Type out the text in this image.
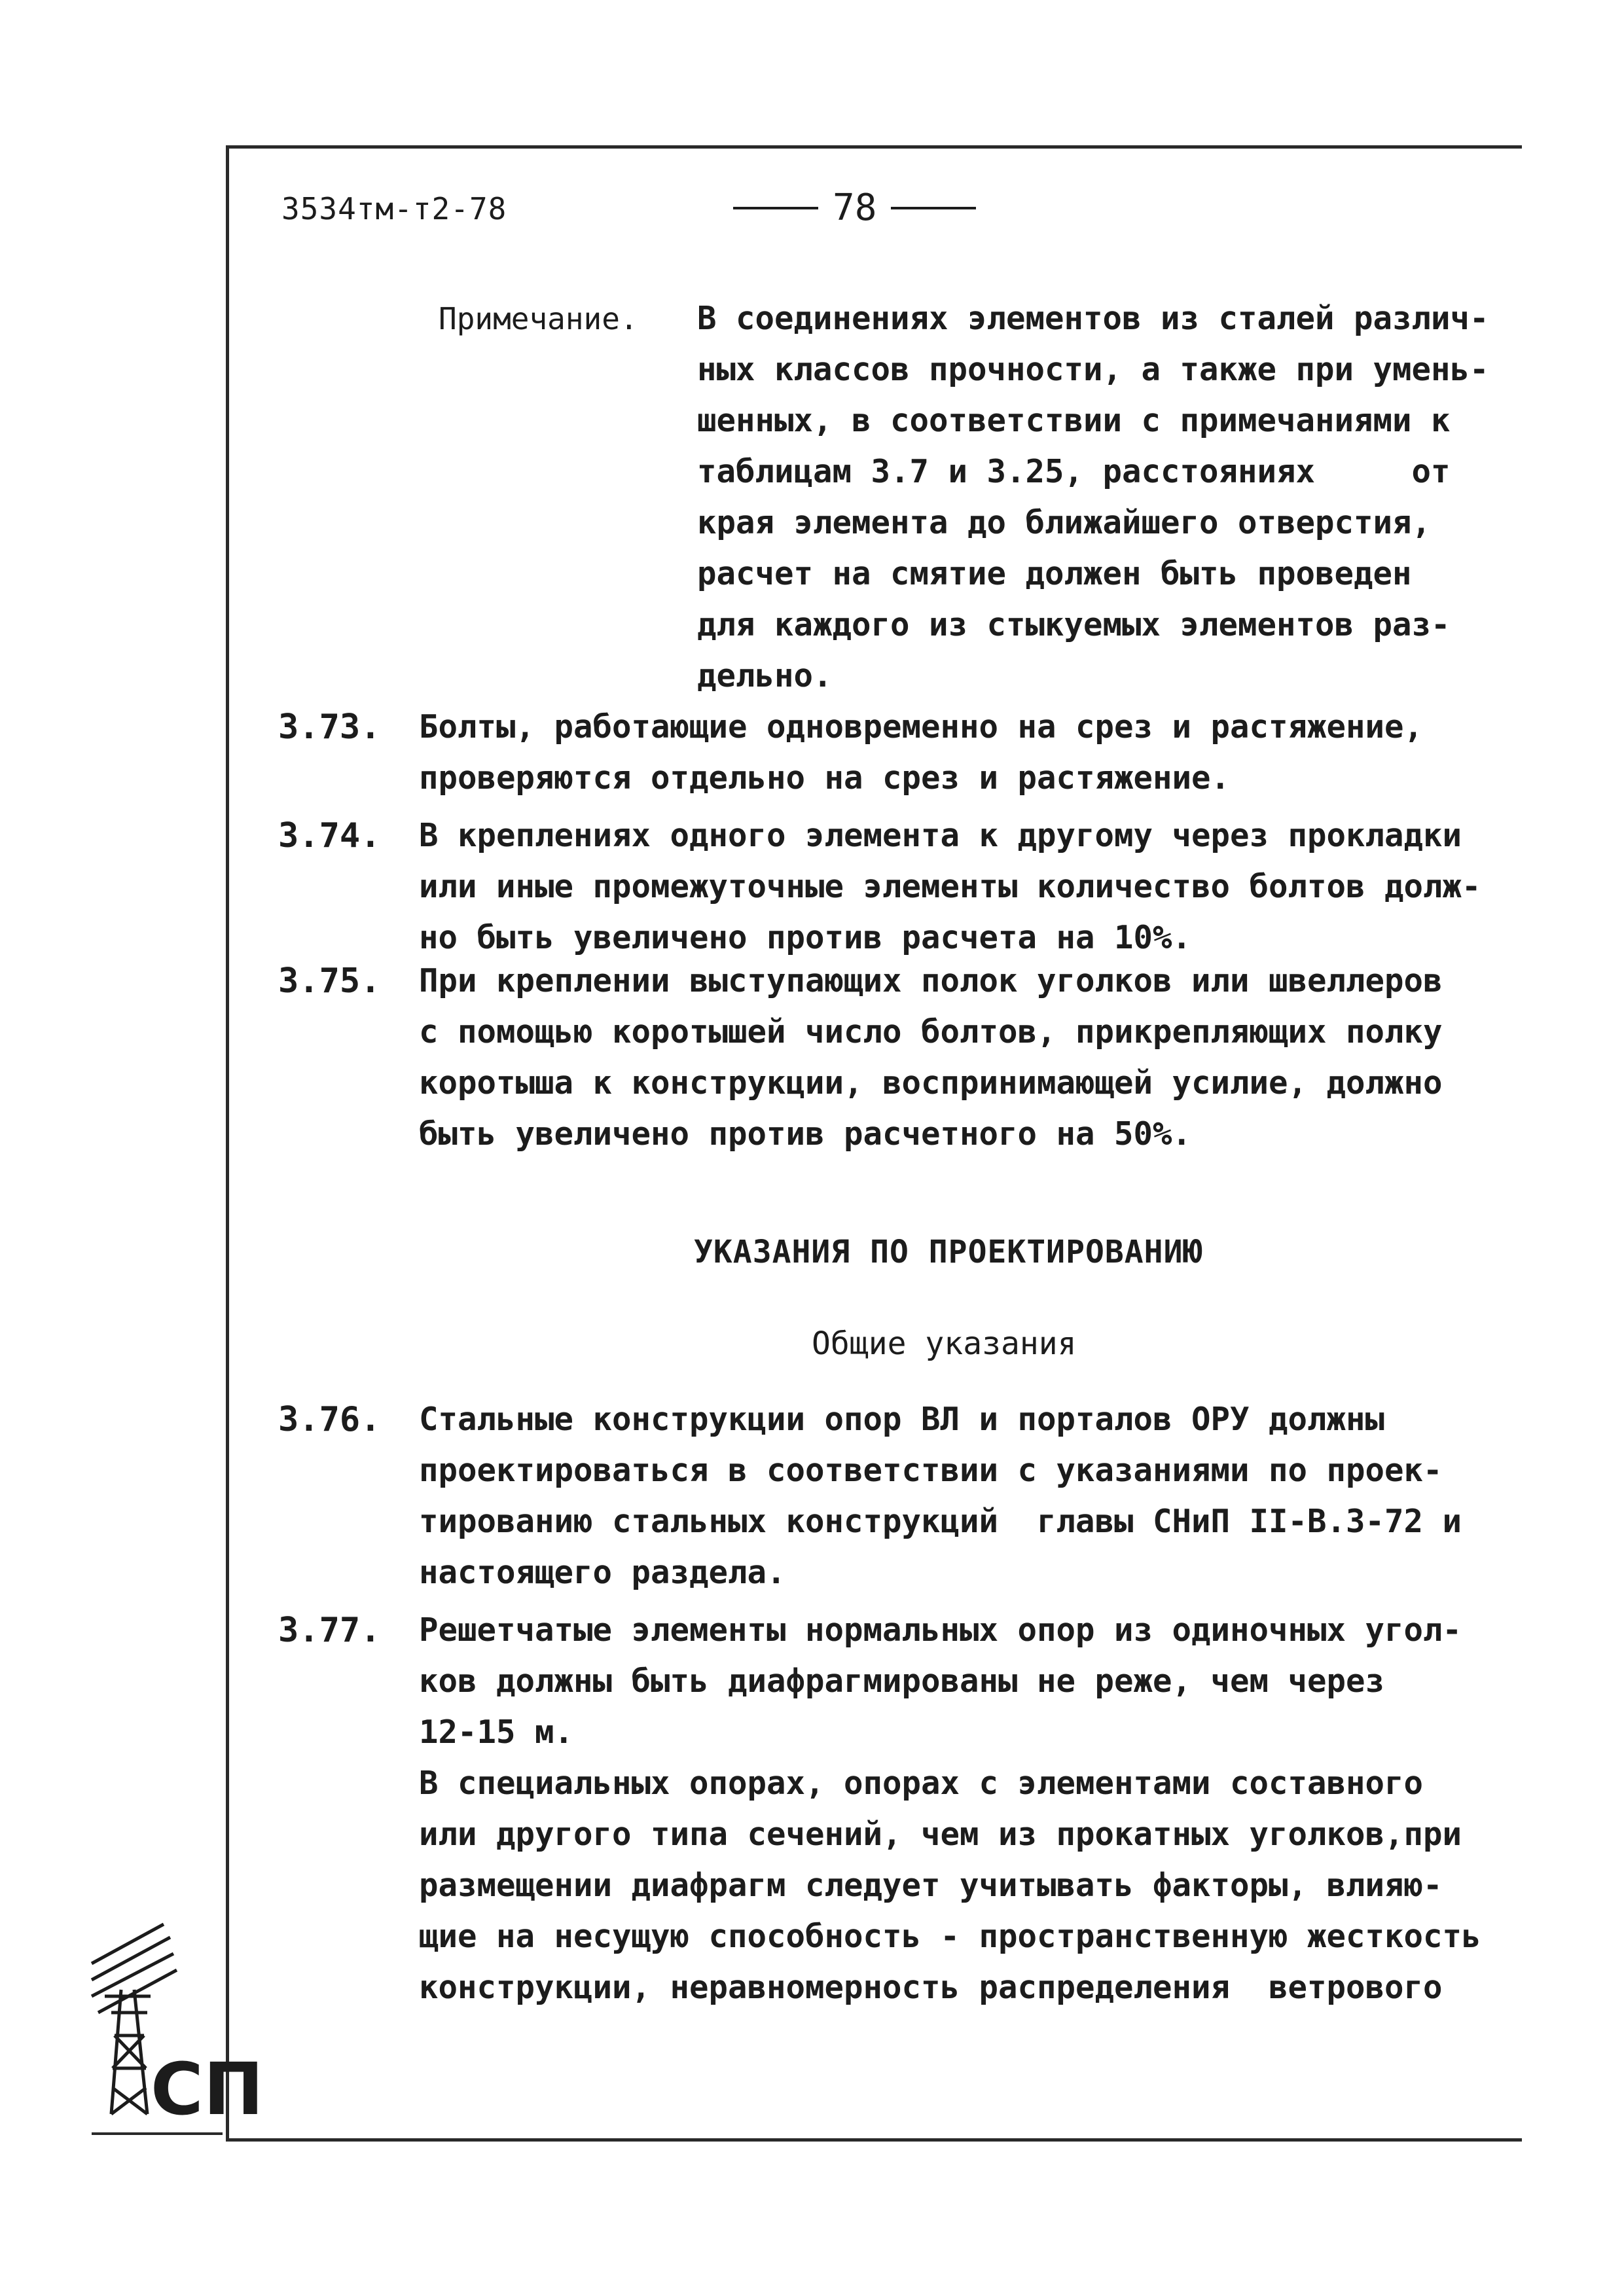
3534тм-т2-78	78
Примечание. В соединениях элементов из сталей различ-
ных классов прочности, а также при умень-
шенных, в соответствии с примечаниями к
таблицам 3.7 и 3.25, расстояниях     от
края элемента до ближайшего отверстия,
расчет на смятие должен быть проведен
для каждого из стыкуемых элементов раз-
дельно.
3.73. Болты, работающие одновременно на срез и растяжение,
проверяются отдельно на срез и растяжение.
3.74. В креплениях одного элемента к другому через прокладки
или иные промежуточные элементы количество болтов долж-
но быть увеличено против расчета на 10%.
3.75. При креплении выступающих полок уголков или швеллеров
с помощью коротышей число болтов, прикрепляющих полку
коротыша к конструкции, воспринимающей усилие, должно
быть увеличено против расчетного на 50%.
УКАЗАНИЯ ПО ПРОЕКТИРОВАНИЮ
Общие указания
3.76. Стальные конструкции опор ВЛ и порталов ОРУ должны
проектироваться в соответствии с указаниями по проек-
тированию стальных конструкций  главы СНиП II-В.3-72 и
настоящего раздела.
3.77. Решетчатые элементы нормальных опор из одиночных угол-
ков должны быть диафрагмированы не реже, чем через
12-15 м.
В специальных опорах, опорах с элементами составного
или другого типа сечений, чем из прокатных уголков,при
размещении диафрагм следует учитывать факторы, влияю-
щие на несущую способность - пространственную жесткость
конструкции, неравномерность распределения  ветрового
СП
